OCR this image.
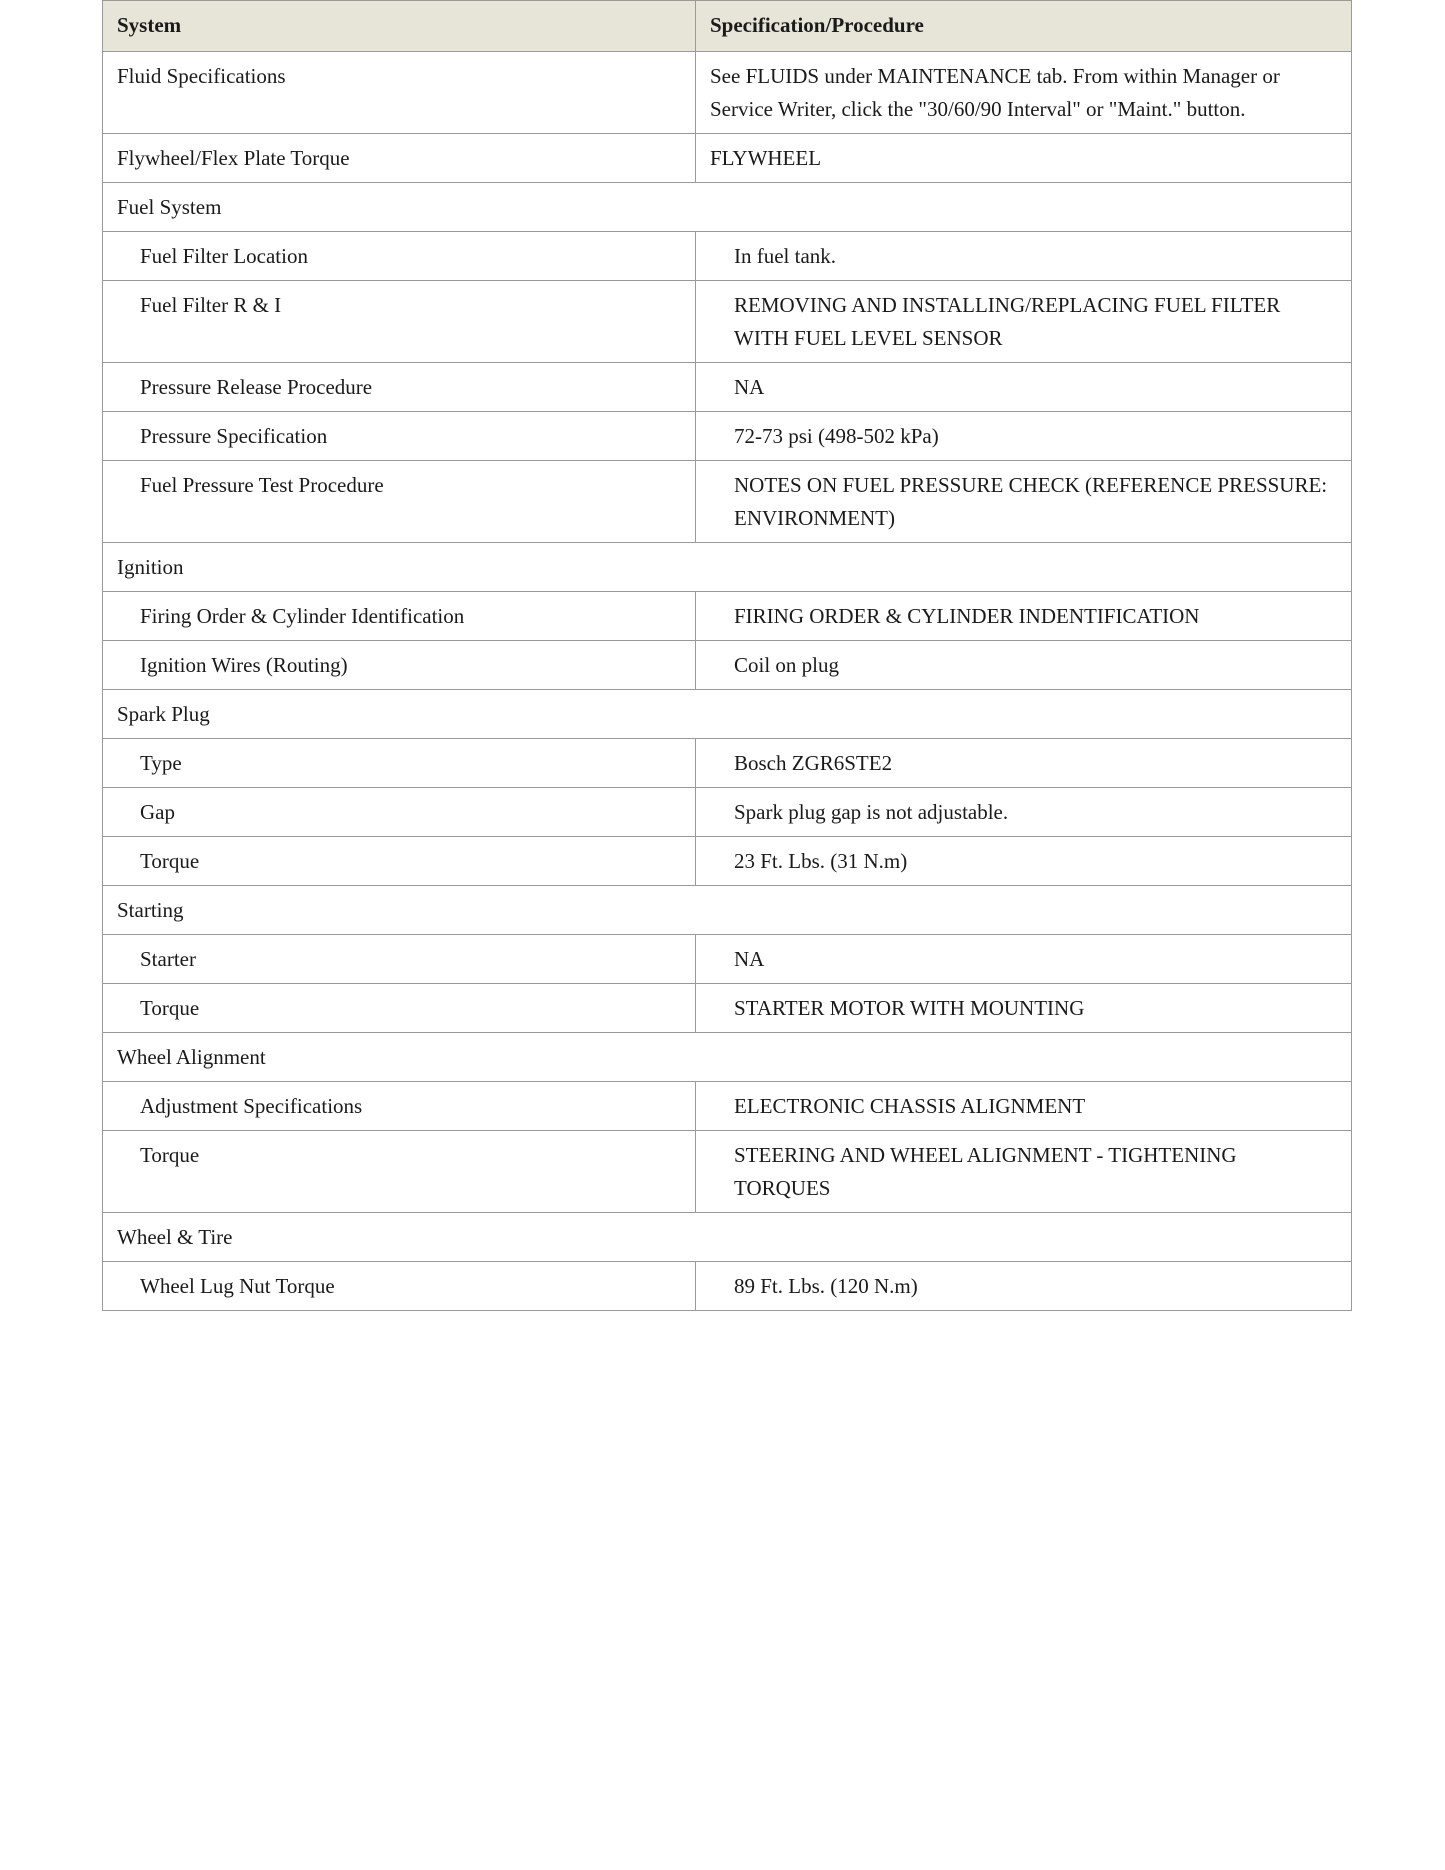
System	Specification/Procedure
Fluid Specifications	See FLUIDS under MAINTENANCE tab. From within Manager or Service Writer, click the "30/60/90 Interval" or "Maint." button.
Flywheel/Flex Plate Torque	FLYWHEEL
Fuel System	
Fuel Filter Location	In fuel tank.
Fuel Filter R & I	REMOVING AND INSTALLING/REPLACING FUEL FILTER WITH FUEL LEVEL SENSOR
Pressure Release Procedure	NA
Pressure Specification	72-73 psi (498-502 kPa)
Fuel Pressure Test Procedure	NOTES ON FUEL PRESSURE CHECK (REFERENCE PRESSURE: ENVIRONMENT)
Ignition	
Firing Order & Cylinder Identification	FIRING ORDER & CYLINDER INDENTIFICATION
Ignition Wires (Routing)	Coil on plug
Spark Plug	
Type	Bosch ZGR6STE2
Gap	Spark plug gap is not adjustable.
Torque	23 Ft. Lbs. (31 N.m)
Starting	
Starter	NA
Torque	STARTER MOTOR WITH MOUNTING
Wheel Alignment	
Adjustment Specifications	ELECTRONIC CHASSIS ALIGNMENT
Torque	STEERING AND WHEEL ALIGNMENT - TIGHTENING TORQUES
Wheel & Tire	
Wheel Lug Nut Torque	89 Ft. Lbs. (120 N.m)
